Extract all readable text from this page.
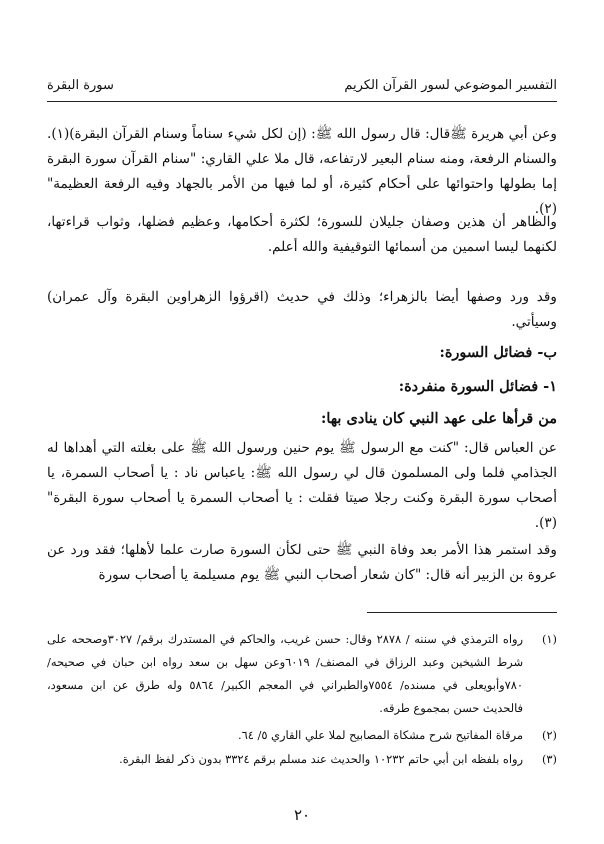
التفسير الموضوعي لسور القرآن الكريم
سورة البقرة

وعن أبي هريرة ﷺقال: قال رسول الله ﷺ: (إن لكل شيء سناماً وسنام القرآن البقرة)(١). والسنام الرفعة، ومنه سنام البعير لارتفاعه، قال ملا علي القاري: "سنام القرآن سورة البقرة إما بطولها واحتوائها على أحكام كثيرة، أو لما فيها من الأمر بالجهاد وفيه الرفعة العظيمة"(٢).

والظاهر أن هذين وصفان جليلان للسورة؛ لكثرة أحكامها، وعظيم فضلها، وثواب قراءتها، لكنهما ليسا اسمين من أسمائها التوقيفية والله أعلم.

وقد ورد وصفها أيضا بالزهراء؛ وذلك في حديث (اقرؤوا الزهراوين البقرة وآل عمران) وسيأتي.

ب- فضائل السورة:
١- فضائل السورة منفردة:
من قرأها على عهد النبي كان ينادى بها:

عن العباس قال: "كنت مع الرسول ﷺ يوم حنين ورسول الله ﷺ على بغلته التي أهداها له الجذامي فلما ولى المسلمون قال لي رسول الله ﷺ: ياعباس ناد : يا أصحاب السمرة، يا أصحاب سورة البقرة وكنت رجلا صيتا فقلت : يا أصحاب السمرة يا أصحاب سورة البقرة"(٣).

وقد استمر هذا الأمر بعد وفاة النبي ﷺ حتى لكأن السورة صارت علما لأهلها؛ فقد ورد عن عروة بن الزبير أنه قال: "كان شعار أصحاب النبي ﷺ يوم مسيلمة يا أصحاب سورة

(١)
رواه الترمذي في سننه / ٢٨٧٨ وقال: حسن غريب، والحاكم في المستدرك برقم/ ٣٠٢٧وصححه على شرط الشيخين وعبد الرزاق في المصنف/ ٦٠١٩وعن سهل بن سعد رواه ابن حبان في صحيحه/ ٧٨٠وأبويعلى في مسنده/ ٧٥٥٤والطبراني في المعجم الكبير/ ٥٨٦٤ وله طرق عن ابن مسعود، فالحديث حسن بمجموع طرقه.
(٢)
مرقاة المفاتيح شرح مشكاة المصابيح لملا علي القاري ٥/ ٦٤.
(٣)
رواه بلفظه ابن أبي حاتم ١٠٢٣٢ والحديث عند مسلم برقم ٣٣٢٤ بدون ذكر لفظ البقرة.
٢٠
